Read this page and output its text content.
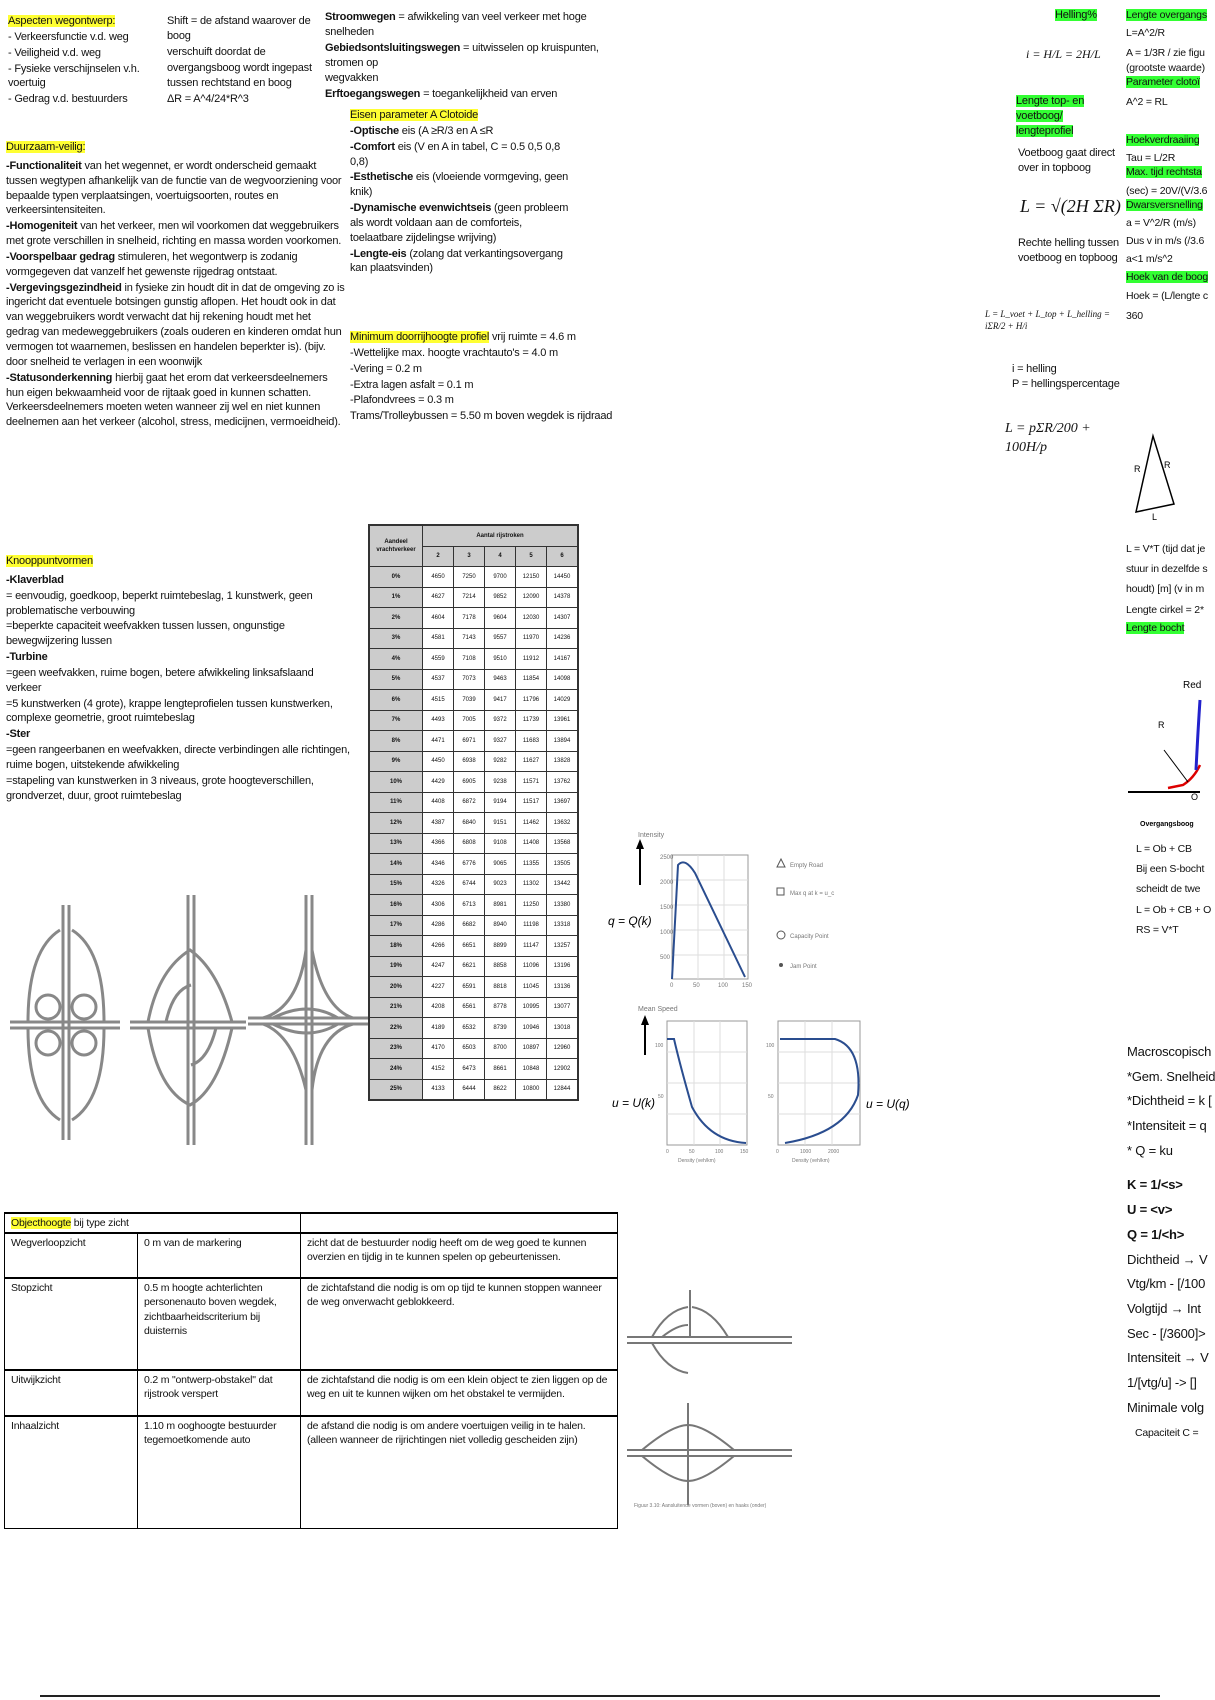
Aspecten wegontwerp:

- Verkeersfunctie v.d. weg

- Veiligheid v.d. weg

- Fysieke verschijnselen v.h. voertuig

- Gedrag v.d. bestuurders

Shift = de afstand waarover de boog

verschuift doordat de

overgangsboog wordt ingepast

tussen rechtstand en boog

ΔR = A^4/24*R^3

Stroomwegen = afwikkeling van veel verkeer met hoge snelheden

Gebiedsontsluitingswegen = uitwisselen op kruispunten, stromen op

wegvakken

Erftoegangswegen = toegankelijkheid van erven

Eisen parameter A Clotoide

-Optische eis (A ≥R/3 en A ≤R

-Comfort eis (V en A in tabel, C = 0.5 0,5 0,8 0,8)

-Esthetische eis (vloeiende vormgeving, geen knik)

-Dynamische evenwichtseis (geen probleem als wordt voldaan aan de comforteis, toelaatbare zijdelingse wrijving)

-Lengte-eis (zolang dat verkantingsovergang kan plaatsvinden)

Minimum doorrijhoogte profiel vrij ruimte = 4.6 m

-Wettelijke max. hoogte vrachtauto's = 4.0 m

-Vering = 0.2 m

-Extra lagen asfalt = 0.1 m

-Plafondvrees = 0.3 m

Trams/Trolleybussen = 5.50 m boven wegdek is rijdraad

Duurzaam-veilig:

-Functionaliteit van het wegennet, er wordt onderscheid gemaakt tussen wegtypen afhankelijk van de functie van de wegvoorziening voor bepaalde typen verplaatsingen, voertuigsoorten, routes en verkeersintensiteiten.

-Homogeniteit van het verkeer, men wil voorkomen dat weggebruikers met grote verschillen in snelheid, richting en massa worden voorkomen.

-Voorspelbaar gedrag stimuleren, het wegontwerp is zodanig vormgegeven dat vanzelf het gewenste rijgedrag ontstaat.

-Vergevingsgezindheid in fysieke zin houdt dit in dat de omgeving zo is ingericht dat eventuele botsingen gunstig aflopen. Het houdt ook in dat van weggebruikers wordt verwacht dat hij rekening houdt met het gedrag van medeweggebruikers (zoals ouderen en kinderen omdat hun vermogen tot waarnemen, beslissen en handelen beperkter is). (bijv. door snelheid te verlagen in een woonwijk

-Statusonderkenning hierbij gaat het erom dat verkeersdeelnemers hun eigen bekwaamheid voor de rijtaak goed in kunnen schatten. Verkeersdeelnemers moeten weten wanneer zij wel en niet kunnen deelnemen aan het verkeer (alcohol, stress, medicijnen, vermoeidheid).

Knooppuntvormen

-Klaverblad

= eenvoudig, goedkoop, beperkt ruimtebeslag, 1 kunstwerk, geen problematische verbouwing

=beperkte capaciteit weefvakken tussen lussen, ongunstige bewegwijzering lussen

-Turbine

=geen weefvakken, ruime bogen, betere afwikkeling linksafslaand verkeer

=5 kunstwerken (4 grote), krappe lengteprofielen tussen kunstwerken, complexe geometrie, groot ruimtebeslag

-Ster

=geen rangeerbanen en weefvakken, directe verbindingen alle richtingen, ruime bogen, uitstekende afwikkeling

=stapeling van kunstwerken in 3 niveaus, grote hoogteverschillen, grondverzet, duur, groot ruimtebeslag

Aandeel vrachtverkeer	Aantal rijstroken				
	2	3	4	5	6
0%	4650	7250	9700	12150	14450
1%	4627	7214	9852	12090	14378
2%	4604	7178	9604	12030	14307
3%	4581	7143	9557	11970	14236
4%	4559	7108	9510	11912	14167
5%	4537	7073	9463	11854	14098
6%	4515	7039	9417	11796	14029
7%	4493	7005	9372	11739	13961
8%	4471	6971	9327	11683	13894
9%	4450	6938	9282	11627	13828
10%	4429	6905	9238	11571	13762
11%	4408	6872	9194	11517	13697
12%	4387	6840	9151	11462	13632
13%	4366	6808	9108	11408	13568
14%	4346	6776	9065	11355	13505
15%	4326	6744	9023	11302	13442
16%	4306	6713	8981	11250	13380
17%	4286	6682	8940	11198	13318
18%	4266	6651	8899	11147	13257
19%	4247	6621	8858	11096	13196
20%	4227	6591	8818	11045	13136
21%	4208	6561	8778	10995	13077
22%	4189	6532	8739	10946	13018
23%	4170	6503	8700	10897	12960
24%	4152	6473	8661	10848	12902
25%	4133	6444	8622	10800	12844
Intensity
q = Q(k)
2500
2000
1500
1000
500
0	50	100 150
Empty Road
Max q at k = u_c
Capacity Point
Jam Point
Mean Speed
u = U(k)
100
50
0	50	100	150
Density (veh/km)
u = U(q)
100
50
0	1000	2000
Density (veh/km)
Objecthoogte bij type zicht		
Wegverloopzicht	0 m van de markering	zicht dat de bestuurder nodig heeft om de weg goed te kunnen overzien en tijdig in te kunnen spelen op gebeurtenissen.
Stopzicht	0.5 m hoogte achterlichten personenauto boven wegdek, zichtbaarheidscriterium bij duisternis	de zichtafstand die nodig is om op tijd te kunnen stoppen wanneer de weg onverwacht geblokkeerd.
Uitwijkzicht	0.2 m "ontwerp-obstakel" dat rijstrook verspert	de zichtafstand die nodig is om een klein object te zien liggen op de weg en uit te kunnen wijken om het obstakel te vermijden.
Inhaalzicht	1.10 m ooghoogte bestuurder tegemoetkomende auto	de afstand die nodig is om andere voertuigen veilig in te halen. (alleen wanneer de rijrichtingen niet volledig gescheiden zijn)
Figuur 3.10: Aansluitende vormen (boven) en haaks (onder)
Helling%
i = H/L = 2H/L
Lengte top- en voetboog/ lengteprofiel

Voetboog gaat direct

over in topboog

L = √(2H ΣR)

Rechte helling tussen

voetboog en topboog

L = L_voet + L_top + L_helling = iΣR/2 + H/i

i = helling

P = hellingspercentage

L = pΣR/200 + 100H/p

Lengte overgangs

L=A^2/R

A = 1/3R / zie figu

(grootste waarde)

Parameter clotoï

A^2 = RL

Hoekverdraaiing

Tau = L/2R

Max. tijd rechtsta

(sec) = 20V/(V/3.6

Dwarsversnelling

a = V^2/R (m/s)

Dus v in m/s (/3.6

a<1 m/s^2

Hoek van de boog

Hoek = (L/lengte c

360

R	R
L

L = V*T (tijd dat je

stuur in dezelfde s

houdt) [m] (v in m

Lengte cirkel = 2*

Lengte bocht

Red
R
O
Overgangsboog

L = Ob + CB

Bij een S-bocht

scheidt de twe

L = Ob + CB + O

RS = V*T

Macroscopisch

*Gem. Snelheid

*Dichtheid = k [

*Intensiteit = q

* Q = ku

K = 1/<s>

U = <v>

Q = 1/<h>

Dichtheid → V

Vtg/km - [/100

Volgtijd → Int

Sec - [/3600]>

Intensiteit → V

1/[vtg/u] -> []

Minimale volg

Capaciteit C =
